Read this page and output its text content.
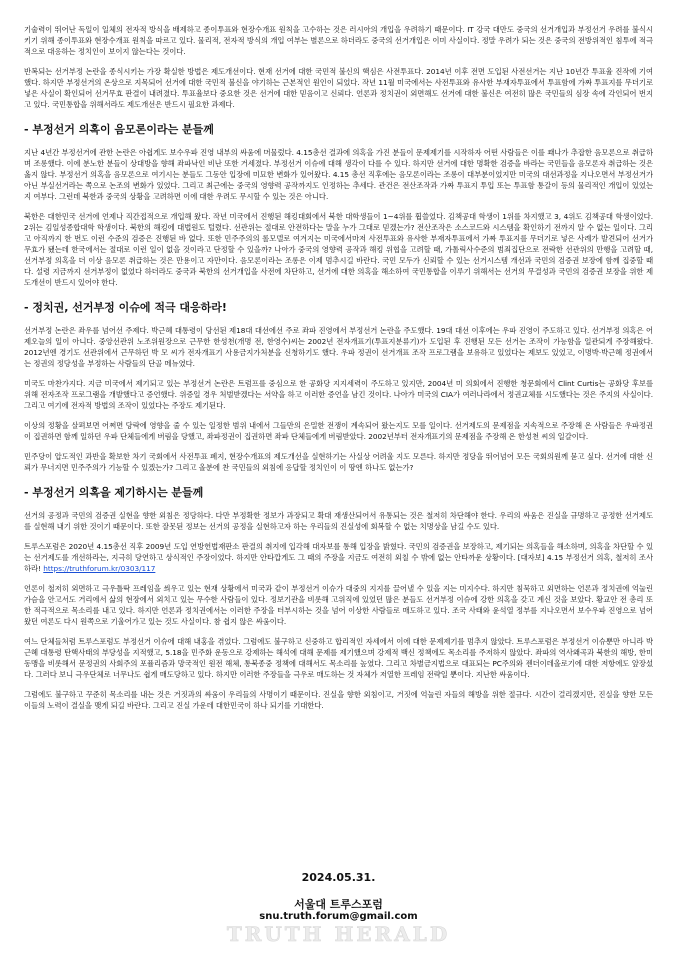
기술력이 뛰어난 독일이 일체의 전자적 방식을 배제하고 종이투표와 현장수개표 원칙을 고수하는 것은 러시아의 개입을 우려하기 때문이다. IT 강국 대만도 중국의 선거개입과 부정선거 우려를 불식시키기 위해 종이투표와 현장수개표 원칙을 따르고 있다. 물리적, 전자적 방식의 개입 여부는 별론으로 하더라도 중국의 선거개입은 이미 사실이다. 정말 우려가 되는 것은 중국의 전방위적인 침투에 적극적으로 대응하는 정치인이 보이지 않는다는 것이다.

반복되는 선거부정 논란을 종식시키는 가장 확실한 방법은 제도개선이다. 현재 선거에 대한 국민적 불신의 핵심은 사전투표다. 2014년 이후 전면 도입된 사전선거는 지난 10년간 투표율 진작에 기여했다. 하지만 부정선거의 온상으로 지목되어 선거에 대한 국민적 불신을 야기하는 근본적인 원인이 되었다. 작년 11월 미국에서는 사전투표와 유사한 부재자투표에서 투표함에 가짜 투표지를 무더기로 넣은 사실이 확인되어 선거무효 판결이 내려졌다. 투표율보다 중요한 것은 선거에 대한 믿음이고 신뢰다. 언론과 정치권이 외면해도 선거에 대한 불신은 여전히 많은 국민들의 심장 속에 각인되어 번지고 있다. 국민통합을 위해서라도 제도개선은 반드시 필요한 과제다.

- 부정선거 의혹이 음모론이라는 분들께

지난 4년간 부정선거에 관한 논란은 아쉽게도 보수우파 진영 내부의 싸움에 머물렀다. 4.15총선 결과에 의혹을 가진 분들이 문제제기를 시작하자 어떤 사람들은 이를 꽤나가 추잡한 음모론으로 취급하며 조롱했다. 이에 분노한 분들이 상대방을 향해 좌파낙인 비난 또한 거세졌다. 부정선거 이슈에 대해 생각이 다를 수 있다. 하지만 선거에 대한 명확한 검증을 바라는 국민들을 음모론자 취급하는 것은 옳지 않다. 부정선거 의혹을 음모론으로 여기시는 분들도 그동안 입장에 미묘한 변화가 있어왔다. 4.15 총선 직후에는 음모론이라는 조롱이 대부분이었지만 미국의 대선과정을 지나오면서 부정선거가 아닌 부실선거라는 쪽으로 논조의 변화가 있었다. 그리고 최근에는 중국의 영향력 공작까지도 인정하는 추세다. 관건은 전산조작과 가짜 투표지 투입 또는 투표함 통갈이 등의 물리적인 개입이 있었는지 여부다. 그런데 북한과 중국의 상황을 고려하면 이에 대한 우려도 무시할 수 있는 것은 아니다.

북한은 대한민국 선거에 언제나 직간접적으로 개입해 왔다. 작년 미국에서 진행된 해킹대회에서 북한 대학생들이 1~4위를 휩쓸었다. 김책공대 학생이 1위를 차지했고 3, 4위도 김책공대 학생이었다. 2위는 김일성종합대학 학생이다. 북한의 해킹에 대법원도 털렸다. 선관위는 절대로 안전하다는 말을 누가 그대로 믿겠는가? 전산조작은 소스코드와 시스템을 확인하기 전까지 알 수 없는 일이다. 그리고 아직까지 한 번도 이런 수준의 검증은 진행된 바 없다. 또한 민주주의의 롤모델로 여겨지는 미국에서마저 사전투표와 유사한 부재자투표에서 가짜 투표지를 무더기로 넣은 사례가 발견되어 선거가 무효가 됐는데 한국에서는 절대로 이런 일이 없을 것이라고 단정할 수 있을까? 나아가 중국의 영향력 공작과 해킹 위협을 고려할 때, 가톨릭사수준의 범죄집단으로 전락한 선관위의 만행을 고려할 때, 선거부정 의혹을 더 이상 음모론 취급하는 것은 만용이고 자만이다. 음모론이라는 조롱은 이제 멈추시길 바란다. 국민 모두가 신뢰할 수 있는 선거시스템 개선과 국민의 검증권 보장에 함께 집중할 때다. 설령 지금까지 선거부정이 없었다 하더라도 중국과 북한의 선거개입을 사전에 차단하고, 선거에 대한 의혹을 해소하여 국민통합을 이루기 위해서는 선거의 무결성과 국민의 검증권 보장을 위한 제도개선이 반드시 있어야 한다.

- 정치권, 선거부정 이슈에 적극 대응하라!

선거부정 논란은 좌우를 넘어선 주제다. 박근혜 대통령이 당선된 제18대 대선에선 주로 좌파 진영에서 부정선거 논란을 주도했다. 19대 대선 이후에는 우파 진영이 주도하고 있다. 선거부정 의혹은 어제오늘의 일이 아니다. 중앙선관위 노조위원장으로 근무한 한성천(개명 전, 한영수)씨는 2002년 전자개표기(투표지분류기)가 도입된 후 진행된 모든 선거는 조작이 가능함을 일관되게 주장해왔다. 2012년엔 경기도 선관위에서 근무하던 박 모 씨가 전자개표기 사용금지가처분을 신청하기도 했다. 우파 정권이 선거개표 조작 프로그램을 보유하고 있었다는 제보도 있었고, 이명박·박근혜 정권에서는 정권의 정당성을 부정하는 사람들의 단골 메뉴였다.

미국도 마찬가지다. 지금 미국에서 제기되고 있는 부정선거 논란은 트럼프를 중심으로 한 공화당 지지세력이 주도하고 있지만, 2004년 미 의회에서 진행한 청문회에서 Clint Curtis는 공화당 후보를 위해 전자조작 프로그램을 개발했다고 증언했다. 위증일 경우 처벌받겠다는 서약을 하고 이러한 증언을 남긴 것이다. 나아가 미국의 CIA가 여러나라에서 정권교체를 시도했다는 것은 주지의 사실이다. 그리고 여기에 전자적 방법의 조작이 있었다는 주장도 제기된다.

이상의 정황을 살펴보면 어쩌면 당락에 영향을 줄 수 있는 일정한 범위 내에서 그들만의 은밀한 전쟁이 계속되어 왔는지도 모를 일이다. 선거제도의 문제점을 지속적으로 주장해 온 사람들은 우파정권이 집권하면 함께 일하던 우파 단체들에게 버림을 당했고, 좌파정권이 집권하면 좌파 단체들에게 버림받았다. 2002년부터 전자개표기의 문제점을 주장해 온 한성천 씨의 일갈이다.

민주당이 압도적인 과반을 확보한 차기 국회에서 사전투표 폐지, 현장수개표의 제도개선을 실현하기는 사실상 어려울 지도 모른다. 하지만 정당을 뛰어넘어 모든 국회의원께 묻고 싶다. 선거에 대한 신뢰가 무너지면 민주주의가 기능할 수 있겠는가? 그리고 올분에 찬 국민들의 외침에 응답할 정치인이 이 땅엔 하나도 없는가?

- 부정선거 의혹을 제기하시는 분들께

선거의 공정과 국민의 검증권 실현을 향한 외침은 정당하다. 다만 부정확한 정보가 과장되고 확대 재생산되어서 유통되는 것은 철저히 차단해야 한다. 우리의 싸움은 진실을 규명하고 공정한 선거제도를 실현해 내기 위한 것이기 때문이다. 또한 잘못된 정보는 선거의 공정을 실현하고자 하는 우리들의 진실성에 회복할 수 없는 치명상을 남길 수도 있다.

트루스포럼은 2020년 4.15총선 직후 2009년 도입 연방헌법재판소 판결의 취지에 입각해 대자보를 통해 입장을 밝혔다. 국민의 검증권을 보장하고, 제기되는 의혹들을 해소하며, 의혹을 차단할 수 있는 선거제도를 개선하라는, 지극히 당연하고 상식적인 주장이었다. 하지만 안타깝게도 그 때의 주장을 지금도 여전히 외칠 수 밖에 없는 안타까운 상황이다. [대자보] 4.15 부정선거 의혹, 철저히 조사하라! https://truthforum.kr/0303/117

언론이 철저히 외면하고 극우틀딱 프레임을 씌우고 있는 현재 상황에서 미국과 같이 부정선거 이슈가 대중의 지지를 끌어낼 수 있을 지는 미지수다. 하지만 침묵하고 외면하는 언론과 정치권에 억눌린 가슴을 안고서도 거리에서 삶의 현장에서 외치고 있는 무수한 사람들이 있다. 정보기관을 비롯해 고위직에 있었던 많은 분들도 선거부정 이슈에 강한 의혹을 갖고 계신 것을 보았다. 황교안 전 총리 또한 적극적으로 목소리를 내고 있다. 하지만 언론과 정치권에서는 이러한 주장을 터부시하는 것을 넘어 이상한 사람들로 매도하고 있다. 조국 사태와 윤석열 정부를 지나오면서 보수우파 진영으로 넘어왔던 여론도 다시 원쪽으로 기울어가고 있는 것도 사실이다. 참 쉽지 않은 싸움이다.

여느 단체들처럼 트루스포럼도 부정선거 이슈에 대해 내홍을 겪었다. 그럼에도 불구하고 신중하고 합리적인 자세에서 이에 대한 문제제기를 멈추지 않았다. 트루스포럼은 부정선거 이슈뿐만 아니라 박근혜 대통령 탄핵사태의 부당성을 지적했고, 5.18을 민주화 운동으로 강제하는 해석에 대해 문제를 제기했으며 강제적 백신 정책에도 목소리를 주저하지 않았다. 좌파의 역사왜곡과 북한의 해방, 한미동맹을 비롯해서 문정권의 사회주의 포퓰리즘과 망국적인 원전 해체, 통북종중 정책에 대해서도 목소리를 높였다. 그리고 차별금지법으로 대표되는 PC주의와 젠더이데올로기에 대한 저항에도 앞장섰다. 그러다 보니 극우단체로 너무나도 쉽게 매도당하고 있다. 하지만 이러한 주장들을 극우로 매도하는 것 자체가 저열한 프레임 전략일 뿐이다. 지난한 싸움이다.

그럼에도 불구하고 꾸준히 목소리를 내는 것은 거짓과의 싸움이 우리들의 사명이기 때문이다. 진실을 향한 외침이고, 거짓에 억눌린 자들의 해방을 위한 절규다. 시간이 걸리겠지만, 진실을 향한 모든 이들의 노력이 결실을 맺게 되길 바란다. 그리고 진실 가운데 대한민국이 하나 되기를 기대한다.

2024.05.31.
서울대 트루스포럼
snu.truth.forum@gmail.com
TRUTH HERALD
